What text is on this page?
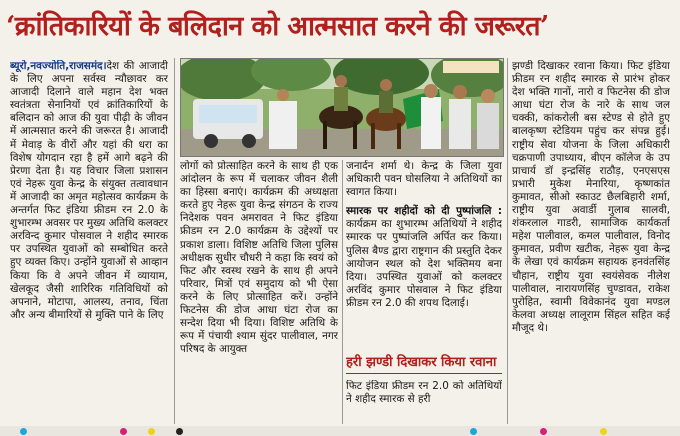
‘क्रांतिकारियों के बलिदान को आत्मसात करने की जरूरत’

ब्यूरो,नवज्योति,राजसमंद।देश की आजादी के लिए अपना सर्वस्व न्यौछावर कर आजादी दिलाने वाले महान देश भक्त स्वतंत्रता सेनानियों एवं क्रांतिकारियों के बलिदान को आज की युवा पीढ़ी के जीवन में आत्मसात करने की जरूरत है। आजादी में मेवाड़ के वीरों और यहां की धरा का विशेष योगदान रहा है हमें आगे बढ़ने की प्रेरणा देता है। यह विचार जिला प्रशासन एवं नेहरू युवा केन्द्र के संयुक्त तत्वावधान में आजादी का अमृत महोत्सव कार्यक्रम के अन्तर्गत फिट इंडिया फ्रीडम रन 2.0 के शुभारम्भ अवसर पर मुख्य अतिथि कलक्टर अरविन्द कुमार पोसवाल ने शहीद स्मारक पर उपस्थित युवाओं को सम्बोधित करते हुए व्यक्त किए। उन्होंने युवाओं से आव्हान किया कि वे अपने जीवन में व्यायाम, खेलकूद जैसी शारिरिक गतिविधियों को अपनाने, मोटापा, आलस्य, तनाव, चिंता और अन्य बीमारियों से मुक्ति पाने के लिए

लोगों को प्रोत्साहित करने के साथ ही एक आंदोलन के रूप में चलाकर जीवन शैली का हिस्सा बनाएं। कार्यक्रम की अध्यक्षता करते हुए नेहरू युवा केन्द्र संगठन के राज्य निदेशक पवन अमरावत ने फिट इंडिया फ्रीडम रन 2.0 कार्यक्रम के उद्देश्यों पर प्रकाश डाला। विशिष्ट अतिथि जिला पुलिस अधीक्षक सुधीर चौधरी ने कहा कि स्वयं को फिट और स्वस्थ रखने के साथ ही अपने परिवार, मित्रों एवं समुदाय को भी ऐसा करने के लिए प्रोत्साहित करें। उन्होंने फिटनेस की डोज आधा घंटा रोज का सन्देश दिया भी दिया। विशिष्ट अतिथि के रूप में पंचायी श्याम सुंदर पालीवाल, नगर परिषद के आयुक्त

जनार्दन शर्मा थे। केन्द्र के जिला युवा अधिकारी पवन घोसलिया ने अतिथियों का स्वागत किया।

स्मारक पर शहीदों को दी पुष्पांजलि : कार्यक्रम का शुभारम्भ अतिथियों ने शहीद स्मारक पर पुष्पांजलि अर्पित कर किया। पुलिस बैण्ड द्वारा राष्ट्रगान की प्रस्तुति देकर आयोजन स्थल को देश भक्तिमय बना दिया। उपस्थित युवाओं को कलक्टर अरविंद कुमार पोसवाल ने फिट इंडिया फ्रीडम रन 2.0 की शपथ दिलाई।

हरी झण्डी दिखाकर किया रवाना

फिट इंडिया फ्रीडम रन 2.0 को अतिथियों ने शहीद स्मारक से हरी

झण्डी दिखाकर रवाना किया। फिट इंडिया फ्रीडम रन शहीद स्मारक से प्रारंभ होकर देश भक्ति गानों, नारो व फिटनेस की डोज आधा घंटा रोज के नारे के साथ जल चक्की, कांकरोली बस स्टेण्ड से होते हुए बालकृष्ण स्टेडियम पहुंच कर संपन्न हुई। राष्ट्रीय सेवा योजना के जिला अधिकारी चक्रपाणी उपाध्याय, बीएन कॉलेज के उप प्राचार्य डॉ इन्द्रसिंह राठौड़, एनएसएस प्रभारी मुकेश मेनारिया, कृष्णकांत कुमावत, सीओ स्काउट छैलबिहारी शर्मा, राष्ट्रीय युवा अवार्डी गुलाब सालवी, शंकरलाल गाडरी, सामाजिक कार्यकर्ता महेश पालीवाल, कमल पालीवाल, विनोद कुमावत, प्रवीण खटीक, नेहरू युवा केन्द्र के लेखा एवं कार्यक्रम सहायक हनवंतसिंह चौहान, राष्ट्रीय युवा स्वयंसेवक नीलेश पालीवाल, नारायणसिंह चुण्डावत, राकेश पुरोहित, स्वामी विवेकानंद युवा मण्डल केलवा अध्यक्ष लालूराम सिंहल सहित कई मौजूद थे।
